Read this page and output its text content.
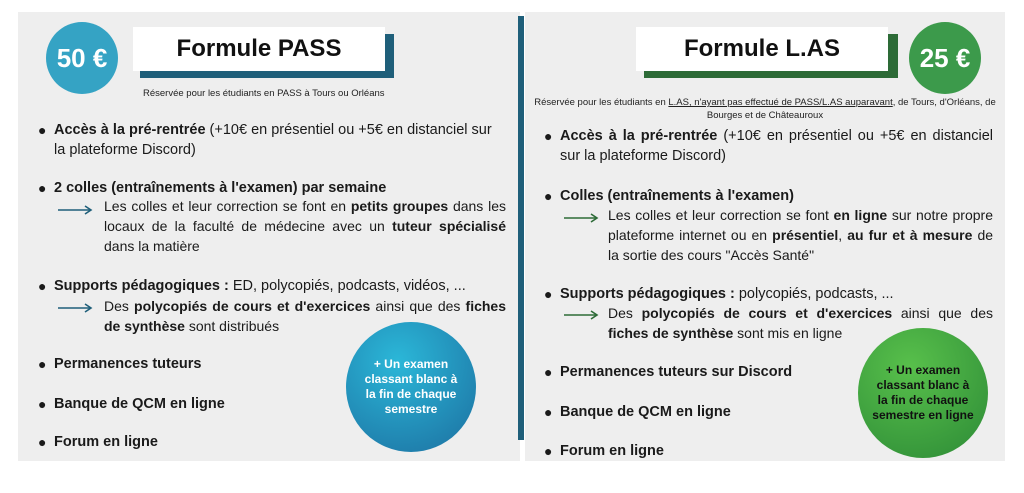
50 €	Formule PASS
Réservée pour les étudiants en PASS à Tours ou Orléans
● Accès à la pré-rentrée (+10€ en présentiel ou +5€ en distanciel sur la plateforme Discord)
● 2 colles (entraînements à l'examen) par semaine
Les colles et leur correction se font en petits groupes dans les locaux de la faculté de médecine avec un tuteur spécialisé dans la matière
● Supports pédagogiques : ED, polycopiés, podcasts, vidéos, ...
Des polycopiés de cours et d'exercices ainsi que des fiches de synthèse sont distribués
● Permanences tuteurs
● Banque de QCM en ligne
● Forum en ligne
+ Un examen classant blanc à la fin de chaque semestre
Formule L.AS	25 €
Réservée pour les étudiants en L.AS, n'ayant pas effectué de PASS/L.AS auparavant, de Tours, d'Orléans, de Bourges et de Châteauroux
● Accès à la pré-rentrée (+10€ en présentiel ou +5€ en distanciel sur la plateforme Discord)
● Colles (entraînements à l'examen)
Les colles et leur correction se font en ligne sur notre propre plateforme internet ou en présentiel, au fur et à mesure de la sortie des cours "Accès Santé"
● Supports pédagogiques : polycopiés, podcasts, ...
Des polycopiés de cours et d'exercices ainsi que des fiches de synthèse sont mis en ligne
● Permanences tuteurs sur Discord
● Banque de QCM en ligne
● Forum en ligne
+ Un examen classant blanc à la fin de chaque semestre en ligne
